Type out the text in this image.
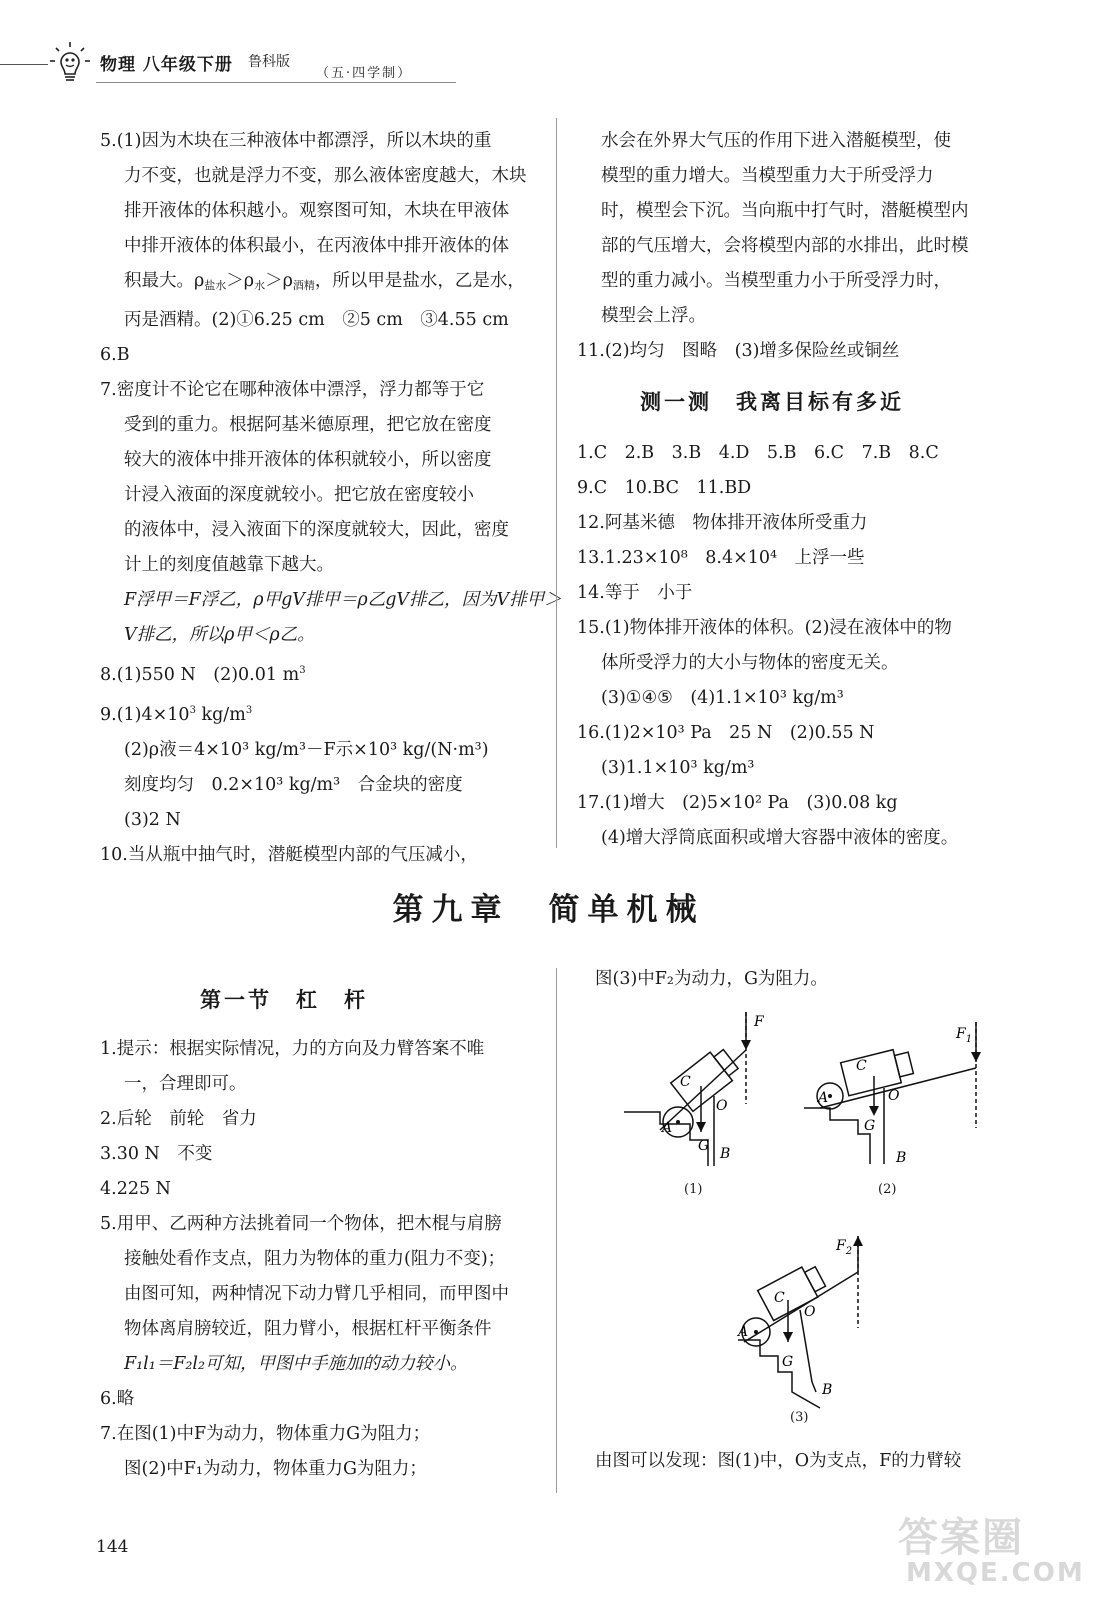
物理 八年级下册 鲁科版
（五·四学制）

5.(1)因为木块在三种液体中都漂浮，所以木块的重

力不变，也就是浮力不变，那么液体密度越大，木块

排开液体的体积越小。观察图可知，木块在甲液体

中排开液体的体积最小，在丙液体中排开液体的体

积最大。$\rho_{盐水}>\rho_水>\rho_{酒精}$，所以甲是盐水，乙是水，

丙是酒精。(2)①6.25 cm　②5 cm　③4.55 cm

6.B

7.密度计不论它在哪种液体中漂浮，浮力都等于它

受到的重力。根据阿基米德原理，把它放在密度

较大的液体中排开液体的体积就较小，所以密度

计浸入液面的深度就较小。把它放在密度较小

的液体中，浸入液面下的深度就较大，因此，密度

计上的刻度值越靠下越大。

F浮甲＝F浮乙，ρ甲gV排甲＝ρ乙gV排乙，因为V排甲＞

V排乙，所以ρ甲＜ρ乙。

8.(1)550 N　(2)0.01 $m^3$

$9.(1)4\times 10^3$ $kg/m^3$

(2)ρ液＝4×10³ kg/m³－F示×10³ kg/(N·m³)

刻度均匀　0.2×10³ kg/m³　合金块的密度

(3)2 N

10.当从瓶中抽气时，潜艇模型内部的气压减小，

水会在外界大气压的作用下进入潜艇模型，使

模型的重力增大。当模型重力大于所受浮力

时，模型会下沉。当向瓶中打气时，潜艇模型内

部的气压增大，会将模型内部的水排出，此时模

型的重力减小。当模型重力小于所受浮力时，

模型会上浮。

11.(2)均匀　图略　(3)增多保险丝或铜丝

测一测　我离目标有多近

1.C　2.B　3.B　4.D　5.B　6.C　7.B　8.C

9.C　10.BC　11.BD

12.阿基米德　物体排开液体所受重力

13.1.23×10⁸　8.4×10⁴　上浮一些

14.等于　小于

15.(1)物体排开液体的体积。(2)浸在液体中的物

体所受浮力的大小与物体的密度无关。

(3)①④⑤　(4)1.1×10³ kg/m³

16.(1)2×10³ Pa　25 N　(2)0.55 N

(3)1.1×10³ kg/m³

17.(1)增大　(2)5×10² Pa　(3)0.08 kg

(4)增大浮筒底面积或增大容器中液体的密度。

第九章　简单机械
第一节　杠　杆

1.提示：根据实际情况，力的方向及力臂答案不唯

一，合理即可。

2.后轮　前轮　省力

3.30 N　不变

4.225 N

5.用甲、乙两种方法挑着同一个物体，把木棍与肩膀

接触处看作支点，阻力为物体的重力(阻力不变)；

由图可知，两种情况下动力臂几乎相同，而甲图中

物体离肩膀较近，阻力臂小，根据杠杆平衡条件

F₁l₁＝F₂l₂可知，甲图中手施加的动力较小。

6.略

7.在图(1)中F为动力，物体重力G为阻力；

图(2)中F₁为动力，物体重力G为阻力；

图(3)中F₂为动力，G为阻力。

F
C
A
O
G B
(1)
$F_1$
C
A	O
G
B
(2)
$F_2$
C
A
O
G
B
(3)

由图可以发现：图(1)中，O为支点，F的力臂较

144	答案圈
MXQE.COM
